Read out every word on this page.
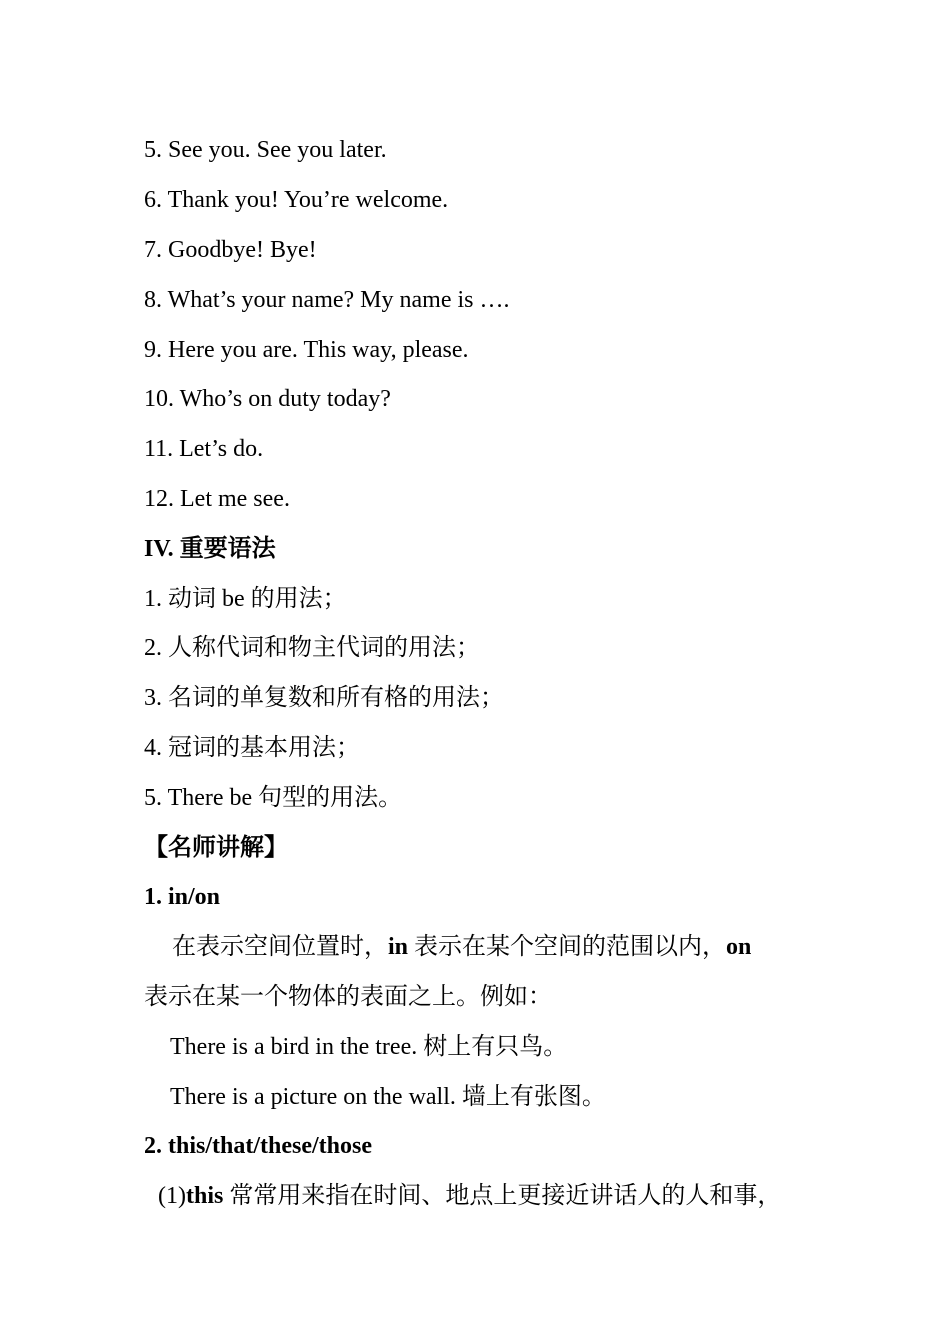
5. See you. See you later.
6. Thank you! You’re welcome.
7. Goodbye! Bye!
8. What’s your name? My name is ….
9. Here you are. This way, please.
10. Who’s on duty today?
11. Let’s do.
12. Let me see.
IV. 重要语法
1. 动词 be 的用法；
2. 人称代词和物主代词的用法；
3. 名词的单复数和所有格的用法；
4. 冠词的基本用法；
5. There be 句型的用法。
【名师讲解】
1. in/on
在表示空间位置时，in 表示在某个空间的范围以内，on
表示在某一个物体的表面之上。例如：
There is a bird in the tree. 树上有只鸟。
There is a picture on the wall. 墙上有张图。
2. this/that/these/those
(1)this 常常用来指在时间、地点上更接近讲话人的人和事，
